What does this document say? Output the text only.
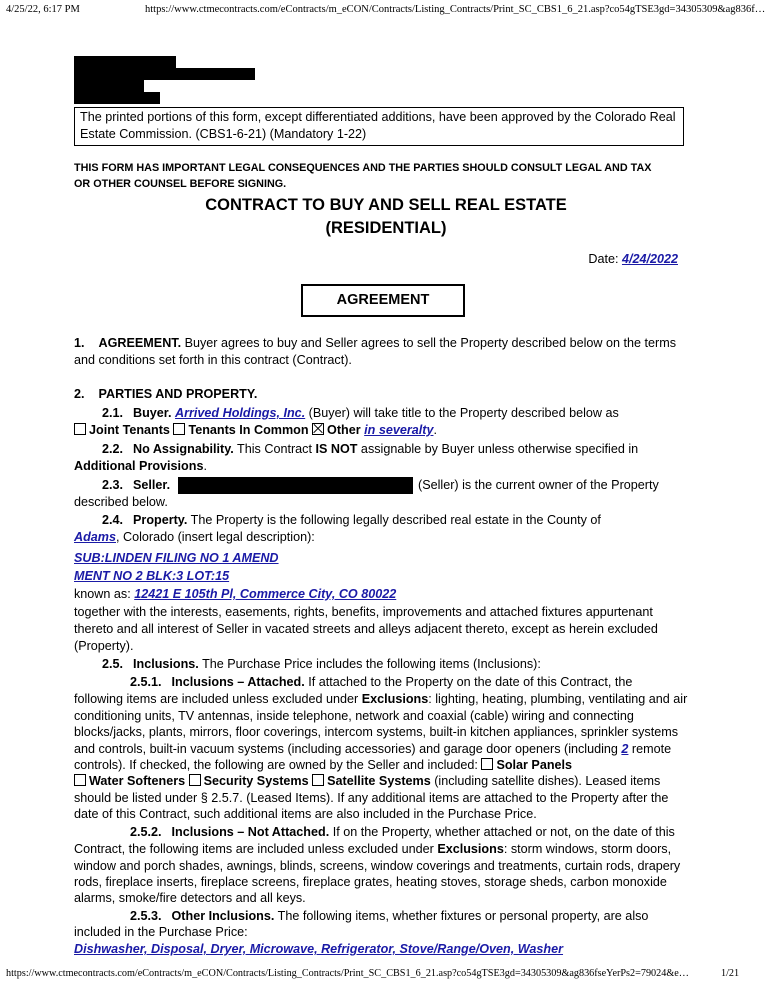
4/25/22, 6:17 PM	https://www.ctmecontracts.com/eContracts/m_eCON/Contracts/Listing_Contracts/Print_SC_CBS1_6_21.asp?co54gTSE3gd=34305309&ag836f…
The printed portions of this form, except differentiated additions, have been approved by the Colorado Real Estate Commission. (CBS1-6-21) (Mandatory 1-22)
THIS FORM HAS IMPORTANT LEGAL CONSEQUENCES AND THE PARTIES SHOULD CONSULT LEGAL AND TAX
OR OTHER COUNSEL BEFORE SIGNING.
CONTRACT TO BUY AND SELL REAL ESTATE
(RESIDENTIAL)
Date: 4/24/2022
AGREEMENT
1. AGREEMENT. Buyer agrees to buy and Seller agrees to sell the Property described below on the terms
and conditions set forth in this contract (Contract).
2. PARTIES AND PROPERTY.
2.1. Buyer. Arrived Holdings, Inc. (Buyer) will take title to the Property described below as
Joint Tenants Tenants In Common Other in severalty.
2.2. No Assignability. This Contract IS NOT assignable by Buyer unless otherwise specified in
Additional Provisions.
2.3. Seller.	(Seller) is the current owner of the Property
described below.
2.4. Property. The Property is the following legally described real estate in the County of
Adams, Colorado (insert legal description):
SUB:LINDEN FILING NO 1 AMEND
MENT NO 2 BLK:3 LOT:15
known as: 12421 E 105th Pl, Commerce City, CO 80022
together with the interests, easements, rights, benefits, improvements and attached fixtures appurtenant
thereto and all interest of Seller in vacated streets and alleys adjacent thereto, except as herein excluded
(Property).
2.5. Inclusions. The Purchase Price includes the following items (Inclusions):
2.5.1. Inclusions – Attached. If attached to the Property on the date of this Contract, the
following items are included unless excluded under Exclusions: lighting, heating, plumbing, ventilating and air
conditioning units, TV antennas, inside telephone, network and coaxial (cable) wiring and connecting
blocks/jacks, plants, mirrors, floor coverings, intercom systems, built-in kitchen appliances, sprinkler systems
and controls, built-in vacuum systems (including accessories) and garage door openers (including 2 remote
controls). If checked, the following are owned by the Seller and included: Solar Panels
Water Softeners Security Systems Satellite Systems (including satellite dishes). Leased items
should be listed under § 2.5.7. (Leased Items). If any additional items are attached to the Property after the
date of this Contract, such additional items are also included in the Purchase Price.
2.5.2. Inclusions – Not Attached. If on the Property, whether attached or not, on the date of this
Contract, the following items are included unless excluded under Exclusions: storm windows, storm doors,
window and porch shades, awnings, blinds, screens, window coverings and treatments, curtain rods, drapery
rods, fireplace inserts, fireplace screens, fireplace grates, heating stoves, storage sheds, carbon monoxide
alarms, smoke/fire detectors and all keys.
2.5.3. Other Inclusions. The following items, whether fixtures or personal property, are also
included in the Purchase Price:
Dishwasher, Disposal, Dryer, Microwave, Refrigerator, Stove/Range/Oven, Washer
https://www.ctmecontracts.com/eContracts/m_eCON/Contracts/Listing_Contracts/Print_SC_CBS1_6_21.asp?co54gTSE3gd=34305309&ag836fseYerPs2=79024&e…	1/21
